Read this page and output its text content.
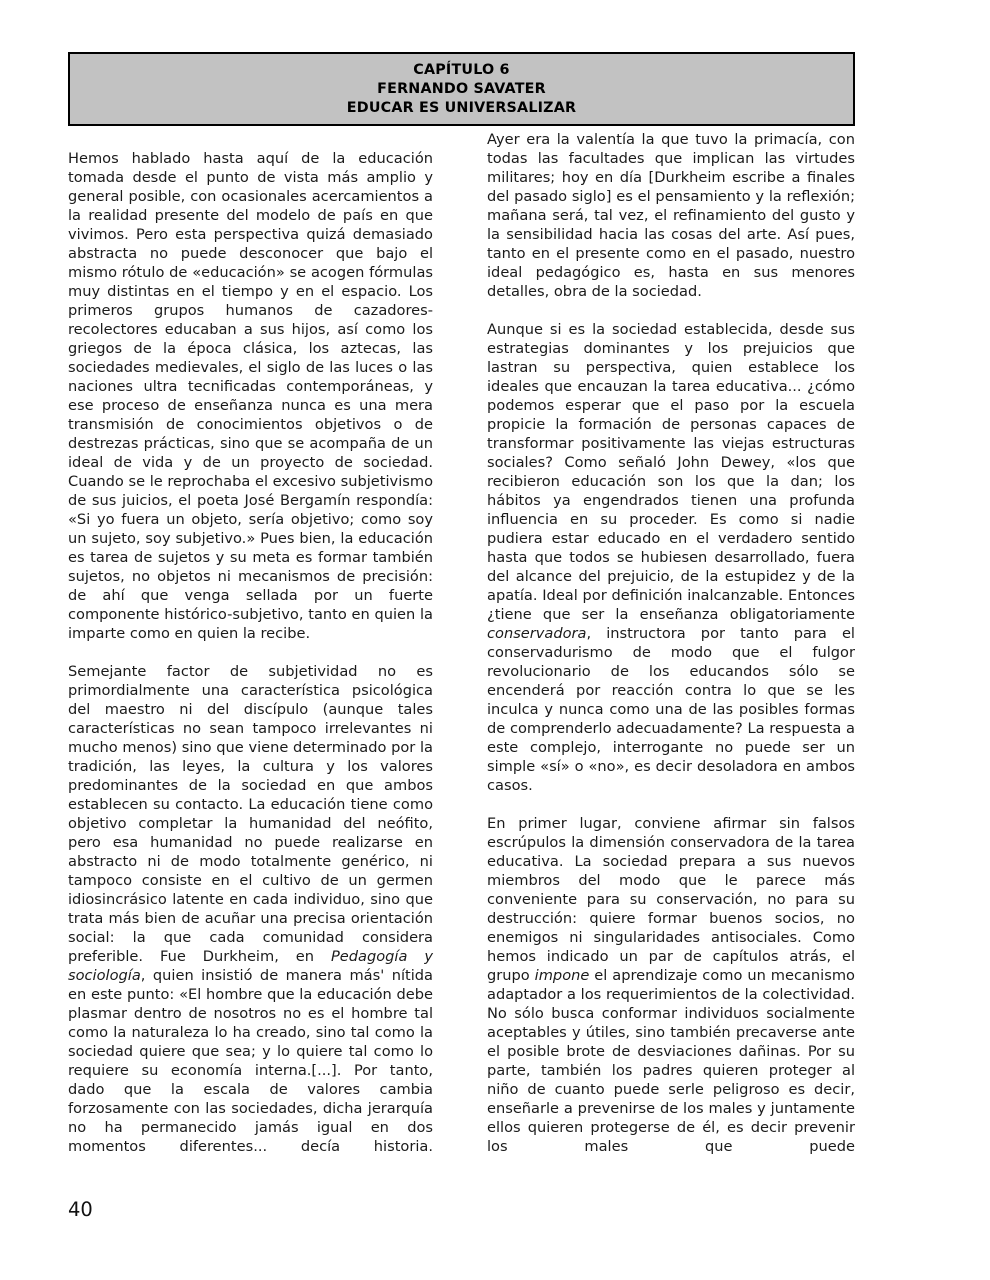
CAPÍTULO 6
FERNANDO SAVATER
EDUCAR ES UNIVERSALIZAR

Hemos hablado hasta aquí de la educación tomada desde el punto de vista más amplio y general posible, con ocasionales acercamientos a la realidad presente del modelo de país en que vivimos. Pero esta perspectiva quizá demasiado abstracta no puede desconocer que bajo el mismo rótulo de «educación» se acogen fórmulas muy distintas en el tiempo y en el espacio. Los primeros grupos humanos de cazadores-recolectores educaban a sus hijos, así como los griegos de la época clásica, los aztecas, las sociedades medievales, el siglo de las luces o las naciones ultra tecnificadas contemporáneas, y ese proceso de enseñanza nunca es una mera transmisión de conocimientos objetivos o de destrezas prácticas, sino que se acompaña de un ideal de vida y de un proyecto de sociedad. Cuando se le reprochaba el excesivo subjetivismo de sus juicios, el poeta José Bergamín respondía: «Si yo fuera un objeto, sería objetivo; como soy un sujeto, soy subjetivo.» Pues bien, la educación es tarea de sujetos y su meta es formar también sujetos, no objetos ni mecanismos de precisión: de ahí que venga sellada por un fuerte componente histórico-subjetivo, tanto en quien la imparte como en quien la recibe.

Semejante factor de subjetividad no es primordialmente una característica psicológica del maestro ni del discípulo (aunque tales características no sean tampoco irrelevantes ni mucho menos) sino que viene determinado por la tradición, las leyes, la cultura y los valores predominantes de la sociedad en que ambos establecen su contacto. La educación tiene como objetivo completar la humanidad del neófito, pero esa humanidad no puede realizarse en abstracto ni de modo totalmente genérico, ni tampoco consiste en el cultivo de un germen idiosincrásico latente en cada individuo, sino que trata más bien de acuñar una precisa orientación social: la que cada comunidad considera preferible. Fue Durkheim, en Pedagogía y sociología, quien insistió de manera más' nítida en este punto: «El hombre que la educación debe plasmar dentro de nosotros no es el hombre tal como la naturaleza lo ha creado, sino tal como la sociedad quiere que sea; y lo quiere tal como lo requiere su economía interna.[...]. Por tanto, dado que la escala de valores cambia forzosamente con las sociedades, dicha jerarquía no ha permanecido jamás igual en dos momentos diferentes... decía historia.

Ayer era la valentía la que tuvo la primacía, con todas las facultades que implican las virtudes militares; hoy en día [Durkheim escribe a finales del pasado siglo] es el pensamiento y la reflexión; mañana será, tal vez, el refinamiento del gusto y la sensibilidad hacia las cosas del arte. Así pues, tanto en el presente como en el pasado, nuestro ideal pedagógico es, hasta en sus menores detalles, obra de la sociedad.

Aunque si es la sociedad establecida, desde sus estrategias dominantes y los prejuicios que lastran su perspectiva, quien establece los ideales que encauzan la tarea educativa... ¿cómo podemos esperar que el paso por la escuela propicie la formación de personas capaces de transformar positivamente las viejas estructuras sociales? Como señaló John Dewey, «los que recibieron educación son los que la dan; los hábitos ya engendrados tienen una profunda influencia en su proceder. Es como si nadie pudiera estar educado en el verdadero sentido hasta que todos se hubiesen desarrollado, fuera del alcance del prejuicio, de la estupidez y de la apatía. Ideal por definición inalcanzable. Entonces ¿tiene que ser la enseñanza obligatoriamente conservadora, instructora por tanto para el conservadurismo de modo que el fulgor revolucionario de los educandos sólo se encenderá por reacción contra lo que se les inculca y nunca como una de las posibles formas de comprenderlo adecuadamente? La respuesta a este complejo, interrogante no puede ser un simple «sí» o «no», es decir desoladora en ambos casos.

En primer lugar, conviene afirmar sin falsos escrúpulos la dimensión conservadora de la tarea educativa. La sociedad prepara a sus nuevos miembros del modo que le parece más conveniente para su conservación, no para su destrucción: quiere formar buenos socios, no enemigos ni singularidades antisociales. Como hemos indicado un par de capítulos atrás, el grupo impone el aprendizaje como un mecanismo adaptador a los requerimientos de la colectividad. No sólo busca conformar individuos socialmente aceptables y útiles, sino también precaverse ante el posible brote de desviaciones dañinas. Por su parte, también los padres quieren proteger al niño de cuanto puede serle peligroso es decir, enseñarle a prevenirse de los males y juntamente ellos quieren protegerse de él, es decir prevenir los males que puede

40
